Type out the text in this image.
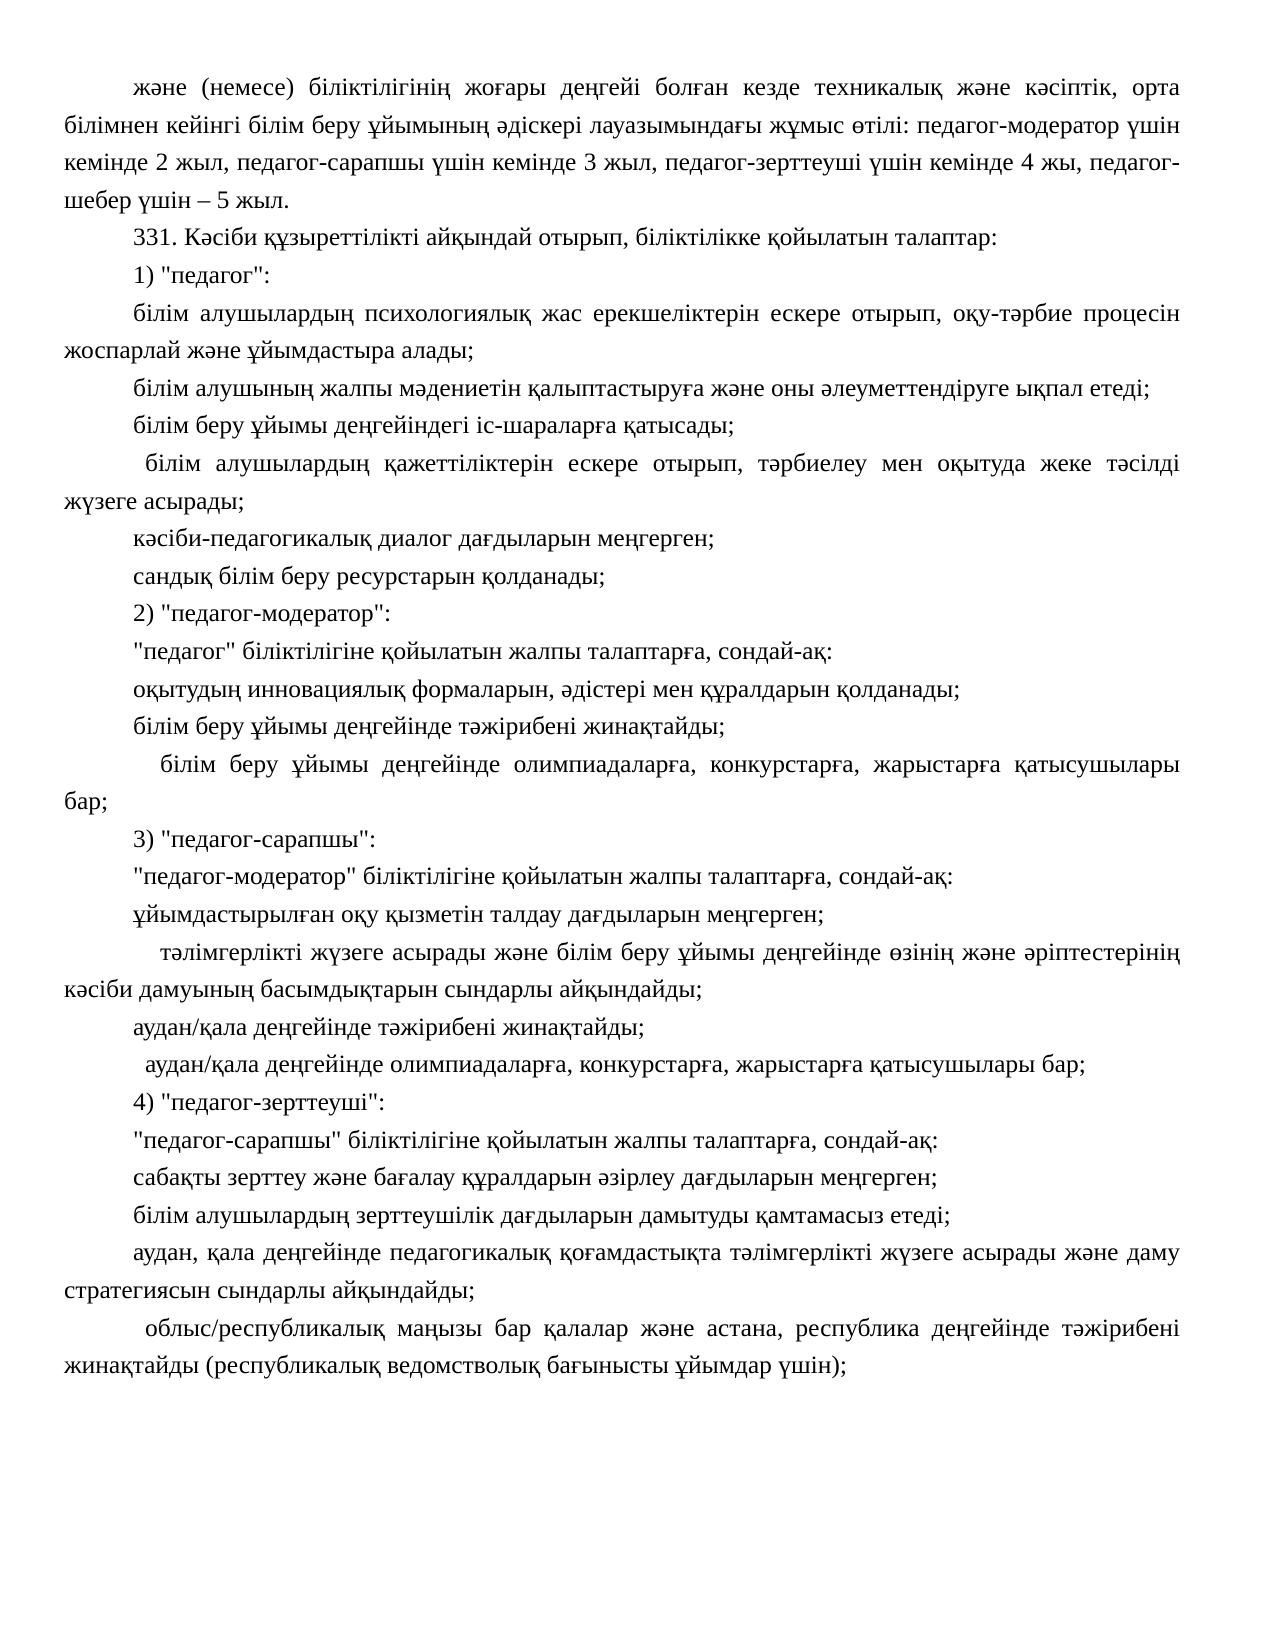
және (немесе) біліктілігінің жоғары деңгейі болған кезде техникалық және кәсіптік, орта білімнен кейінгі білім беру ұйымының әдіскері лауазымындағы жұмыс өтілі: педагог-модератор үшін кемінде 2 жыл, педагог-сарапшы үшін кемінде 3 жыл, педагог-зерттеуші үшін кемінде 4 жы, педагог-шебер үшін – 5 жыл.

331. Кәсіби құзыреттілікті айқындай отырып, біліктілікке қойылатын талаптар:

1) "педагог":

білім алушылардың психологиялық жас ерекшеліктерін ескере отырып, оқу-тәрбие процесін жоспарлай және ұйымдастыра алады;

білім алушының жалпы мәдениетін қалыптастыруға және оны әлеуметтендіруге ықпал етеді;

білім беру ұйымы деңгейіндегі іс-шараларға қатысады;

білім алушылардың қажеттіліктерін ескере отырып, тәрбиелеу мен оқытуда жеке тәсілді жүзеге асырады;

кәсіби-педагогикалық диалог дағдыларын меңгерген;

сандық білім беру ресурстарын қолданады;

2) "педагог-модератор":

"педагог" біліктілігіне қойылатын жалпы талаптарға, сондай-ақ:

оқытудың инновациялық формаларын, әдістері мен құралдарын қолданады;

білім беру ұйымы деңгейінде тәжірибені жинақтайды;

білім беру ұйымы деңгейінде олимпиадаларға, конкурстарға, жарыстарға қатысушылары бар;

3) "педагог-сарапшы":

"педагог-модератор" біліктілігіне қойылатын жалпы талаптарға, сондай-ақ:

ұйымдастырылған оқу қызметін талдау дағдыларын меңгерген;

тәлімгерлікті жүзеге асырады және білім беру ұйымы деңгейінде өзінің және әріптестерінің кәсіби дамуының басымдықтарын сындарлы айқындайды;

аудан/қала деңгейінде тәжірибені жинақтайды;

аудан/қала деңгейінде олимпиадаларға, конкурстарға, жарыстарға қатысушылары бар;

4) "педагог-зерттеуші":

"педагог-сарапшы" біліктілігіне қойылатын жалпы талаптарға, сондай-ақ:

сабақты зерттеу және бағалау құралдарын әзірлеу дағдыларын меңгерген;

білім алушылардың зерттеушілік дағдыларын дамытуды қамтамасыз етеді;

аудан, қала деңгейінде педагогикалық қоғамдастықта тәлімгерлікті жүзеге асырады және даму стратегиясын сындарлы айқындайды;

облыс/республикалық маңызы бар қалалар және астана, республика деңгейінде тәжірибені жинақтайды (республикалық ведомстволық бағынысты ұйымдар үшін);
